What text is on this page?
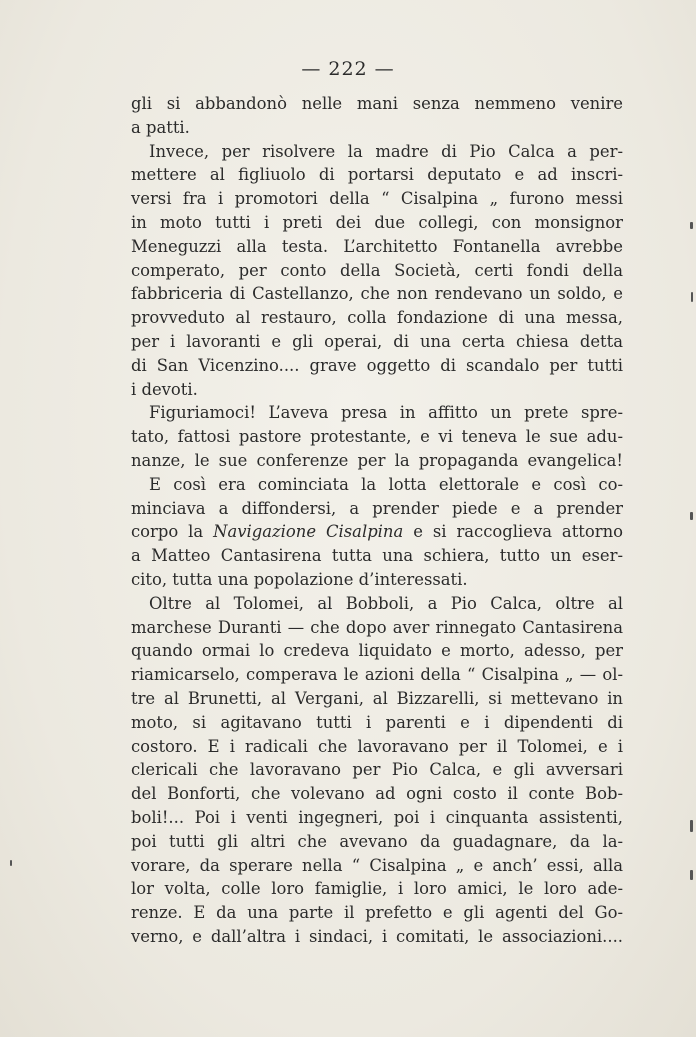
— 222 —
gli si abbandonò nelle mani senza nemmeno venire
a patti.
Invece, per risolvere la madre di Pio Calca a per-
mettere al figliuolo di portarsi deputato e ad inscri-
versi fra i promotori della “ Cisalpina „ furono messi
in moto tutti i preti dei due collegi, con monsignor
Meneguzzi alla testa. L’architetto Fontanella avrebbe
comperato, per conto della Società, certi fondi della
fabbriceria di Castellanzo, che non rendevano un soldo, e
provveduto al restauro, colla fondazione di una messa,
per i lavoranti e gli operai, di una certa chiesa detta
di San Vicenzino.... grave oggetto di scandalo per tutti
i devoti.
Figuriamoci! L’aveva presa in affitto un prete spre-
tato, fattosi pastore protestante, e vi teneva le sue adu-
nanze, le sue conferenze per la propaganda evangelica!
E così era cominciata la lotta elettorale e così co-
minciava a diffondersi, a prender piede e a prender
corpo la Navigazione Cisalpina e si raccoglieva attorno
a Matteo Cantasirena tutta una schiera, tutto un eser-
cito, tutta una popolazione d’interessati.
Oltre al Tolomei, al Bobboli, a Pio Calca, oltre al
marchese Duranti — che dopo aver rinnegato Cantasirena
quando ormai lo credeva liquidato e morto, adesso, per
riamicarselo, comperava le azioni della “ Cisalpina „ — ol-
tre al Brunetti, al Vergani, al Bizzarelli, si mettevano in
moto, si agitavano tutti i parenti e i dipendenti di
costoro. E i radicali che lavoravano per il Tolomei, e i
clericali che lavoravano per Pio Calca, e gli avversari
del Bonforti, che volevano ad ogni costo il conte Bob-
boli!... Poi i venti ingegneri, poi i cinquanta assistenti,
poi tutti gli altri che avevano da guadagnare, da la-
vorare, da sperare nella “ Cisalpina „ e anch’ essi, alla
lor volta, colle loro famiglie, i loro amici, le loro ade-
renze. E da una parte il prefetto e gli agenti del Go-
verno, e dall’altra i sindaci, i comitati, le associazioni....
